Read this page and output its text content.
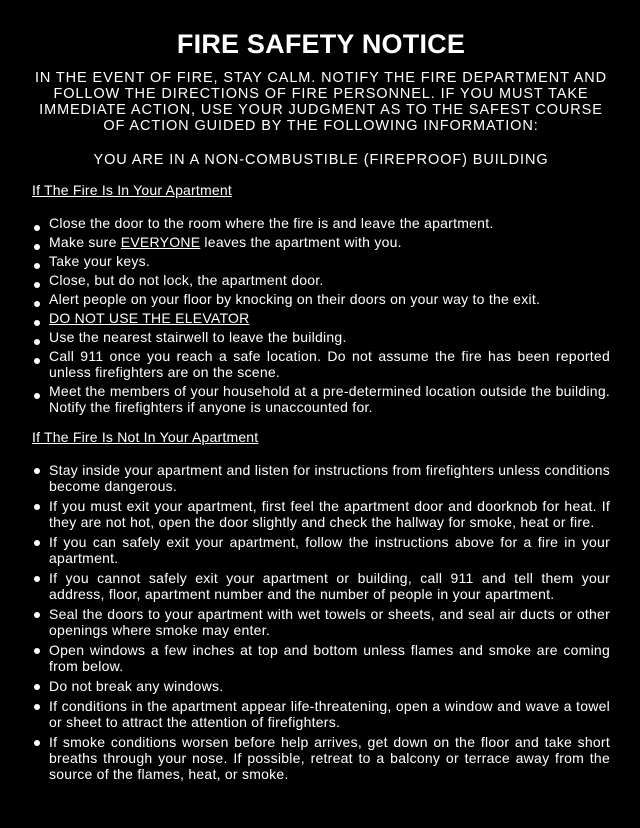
FIRE SAFETY NOTICE

IN THE EVENT OF FIRE, STAY CALM. NOTIFY THE FIRE DEPARTMENT AND FOLLOW THE DIRECTIONS OF FIRE PERSONNEL. IF YOU MUST TAKE IMMEDIATE ACTION, USE YOUR JUDGMENT AS TO THE SAFEST COURSE OF ACTION GUIDED BY THE FOLLOWING INFORMATION:

YOU ARE IN A NON-COMBUSTIBLE (FIREPROOF) BUILDING

If The Fire Is In Your Apartment

Close the door to the room where the fire is and leave the apartment.
Make sure EVERYONE leaves the apartment with you.
Take your keys.
Close, but do not lock, the apartment door.
Alert people on your floor by knocking on their doors on your way to the exit.
DO NOT USE THE ELEVATOR
Use the nearest stairwell to leave the building.
Call 911 once you reach a safe location. Do not assume the fire has been reported unless firefighters are on the scene.
Meet the members of your household at a pre-determined location outside the building. Notify the firefighters if anyone is unaccounted for.

If The Fire Is Not In Your Apartment

Stay inside your apartment and listen for instructions from firefighters unless conditions become dangerous.
If you must exit your apartment, first feel the apartment door and doorknob for heat. If they are not hot, open the door slightly and check the hallway for smoke, heat or fire.
If you can safely exit your apartment, follow the instructions above for a fire in your apartment.
If you cannot safely exit your apartment or building, call 911 and tell them your address, floor, apartment number and the number of people in your apartment.
Seal the doors to your apartment with wet towels or sheets, and seal air ducts or other openings where smoke may enter.
Open windows a few inches at top and bottom unless flames and smoke are coming from below.
Do not break any windows.
If conditions in the apartment appear life-threatening, open a window and wave a towel or sheet to attract the attention of firefighters.
If smoke conditions worsen before help arrives, get down on the floor and take short breaths through your nose. If possible, retreat to a balcony or terrace away from the source of the flames, heat, or smoke.
